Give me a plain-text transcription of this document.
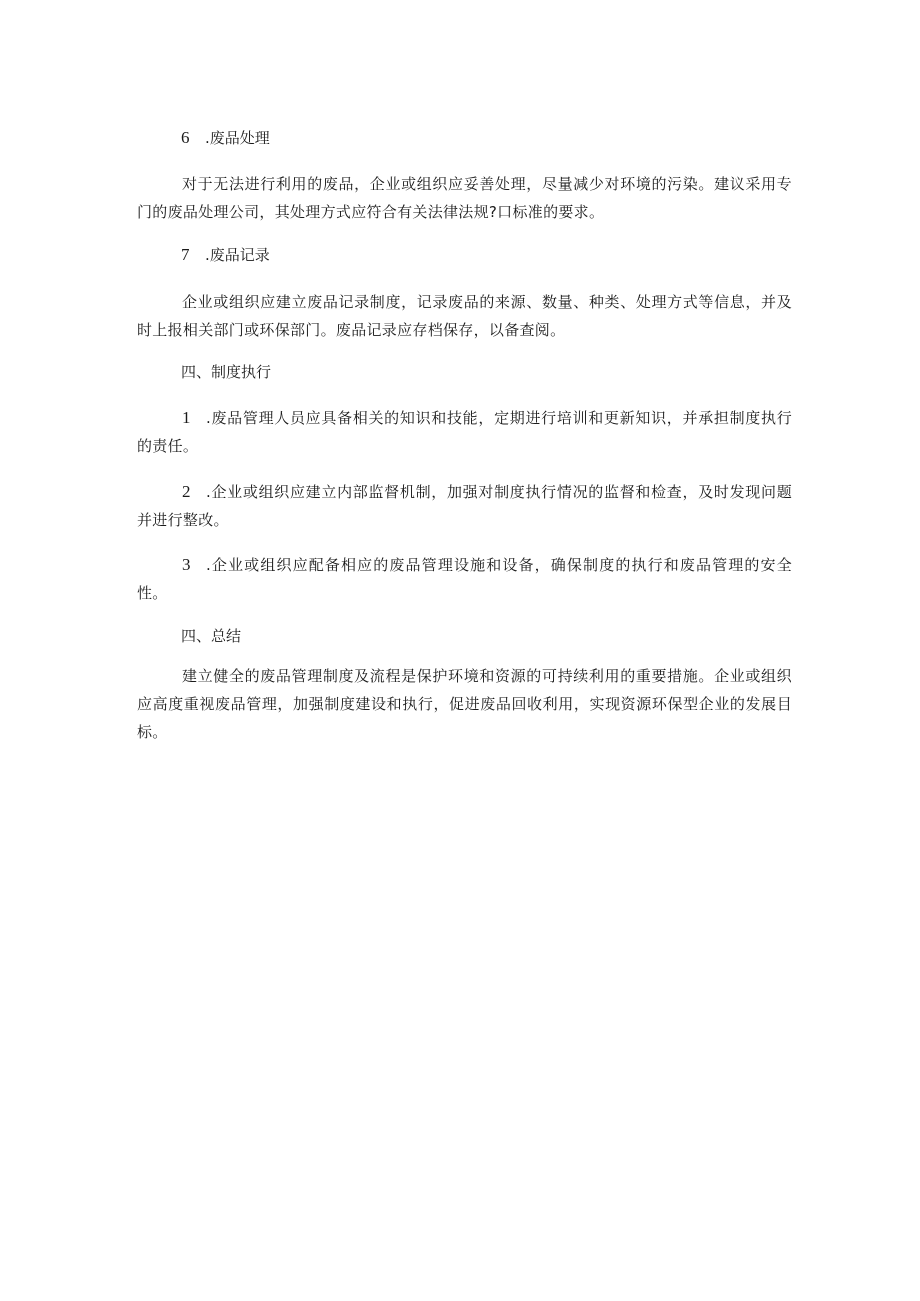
6 .废品处理
对于无法进行利用的废品，企业或组织应妥善处理，尽量减少对环境的污染。建议采用专门的废品处理公司，其处理方式应符合有关法律法规?口标准的要求。
7 .废品记录
企业或组织应建立废品记录制度，记录废品的来源、数量、种类、处理方式等信息，并及时上报相关部门或环保部门。废品记录应存档保存，以备查阅。
四、制度执行
1 .废品管理人员应具备相关的知识和技能，定期进行培训和更新知识，并承担制度执行的责任。
2 .企业或组织应建立内部监督机制，加强对制度执行情况的监督和检查，及时发现问题并进行整改。
3 .企业或组织应配备相应的废品管理设施和设备，确保制度的执行和废品管理的安全性。
四、总结
建立健全的废品管理制度及流程是保护环境和资源的可持续利用的重要措施。企业或组织应高度重视废品管理，加强制度建设和执行，促进废品回收利用，实现资源环保型企业的发展目标。
